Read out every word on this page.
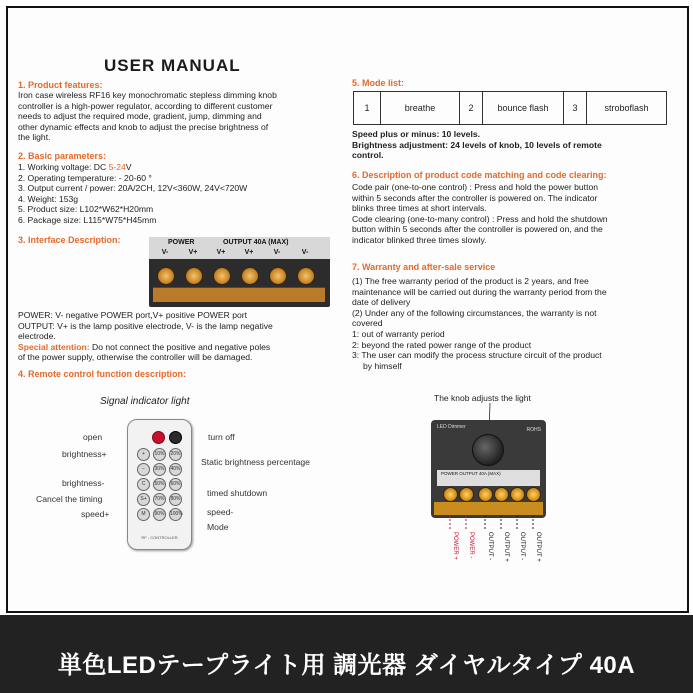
USER MANUAL
1. Product features:
Iron case wireless RF16 key monochromatic stepless dimming knob
controller is a high-power regulator, according to different customer
needs to adjust the required mode, gradient, jump, dimming and
other dynamic effects and knob to adjust the precise brightness of
the light.
2. Basic parameters:
1. Working voltage: DC 5-24V
2. Operating temperature: - 20-60 °
3. Output current / power: 20A/2CH, 12V<360W, 24V<720W
4. Weight: 153g
5. Product size: L102*W62*H20mm
6. Package size: L115*W75*H45mm
3. Interface Description:	POWER	OUTPUT 40A (MAX)
V-	V+	V+	V+	V-	V-
POWER: V- negative POWER port,V+ positive POWER port
OUTPUT: V+ is the lamp positive electrode, V- is the lamp negative
electrode.
Special attention: Do not connect the positive and negative poles
of the power supply, otherwise the controller will be damaged.
4. Remote control function description:
Signal indicator light
open
brightness+
brightness-
Cancel the timing
speed+
turn off
Static brightness percentage
timed shutdown
speed-
Mode
+	10%	20%
−	30%	40%
C	50%	60%
S+	70%	80%
M	90%	100%
RF - CONTROLLER
5. Mode list:
1	breathe	2	bounce flash	3	stroboflash
Speed plus or minus: 10 levels.
Brightness adjustment: 24 levels of knob, 10 levels of remote
control.
6. Description of product code matching and code clearing:
Code pair (one-to-one control) : Press and hold the power button
within 5 seconds after the controller is powered on. The indicator
blinks three times at short intervals.
Code clearing (one-to-many control) : Press and hold the shutdown
button within 5 seconds after the controller is powered on, and the
indicator blinked three times slowly.
7. Warranty and after-sale service
(1) The free warranty period of the product is 2 years, and free
maintenance will be carried out during the warranty period from the
date of delivery
(2) Under any of the following circumstances, the warranty is not
covered
1: out of warranty period
2: beyond the rated power range of the product
3: The user can modify the process structure circuit of the product
by himself
The knob adjusts the light
LED Dimmer	ROHS
POWER OUTPUT 40A (MAX)
POWER + POWER - OUTPUT - OUTPUT + OUTPUT - OUTPUT +
単色LEDテープライト用 調光器 ダイヤルタイプ 40A
